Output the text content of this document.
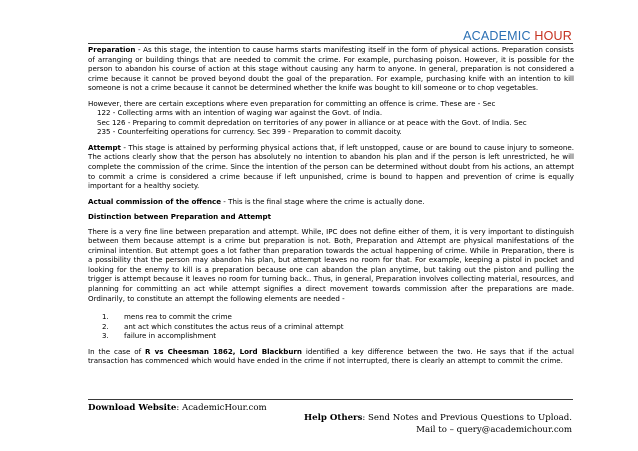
ACADEMIC HOUR

Preparation - As this stage, the intention to cause harms starts manifesting itself in the form of physical actions. Preparation consists of arranging or building things that are needed to commit the crime. For example, purchasing poison. However, it is possible for the person to abandon his course of action at this stage without causing any harm to anyone. In general, preparation is not considered a crime because it cannot be proved beyond doubt the goal of the preparation. For example, purchasing knife with an intention to kill someone is not a crime because it cannot be determined whether the knife was bought to kill someone or to chop vegetables.

However, there are certain exceptions where even preparation for committing an offence is crime. These are - Sec

122 - Collecting arms with an intention of waging war against the Govt. of India.
Sec 126 - Preparing to commit depredation on territories of any power in alliance or at peace with the Govt. of India. Sec
235 - Counterfeiting operations for currency. Sec 399 - Preparation to commit dacoity.

Attempt - This stage is attained by performing physical actions that, if left unstopped, cause or are bound to cause injury to someone. The actions clearly show that the person has absolutely no intention to abandon his plan and if the person is left unrestricted, he will complete the commission of the crime. Since the intention of the person can be determined without doubt from his actions, an attempt to commit a crime is considered a crime because if left unpunished, crime is bound to happen and prevention of crime is equally important for a healthy society.

Actual commission of the offence - This is the final stage where the crime is actually done.

Distinction between Preparation and Attempt

There is a very fine line between preparation and attempt. While, IPC does not define either of them, it is very important to distinguish between them because attempt is a crime but preparation is not. Both, Preparation and Attempt are physical manifestations of the criminal intention. But attempt goes a lot father than preparation towards the actual happening of crime. While in Preparation, there is a possibility that the person may abandon his plan, but attempt leaves no room for that. For example, keeping a pistol in pocket and looking for the enemy to kill is a preparation because one can abandon the plan anytime, but taking out the piston and pulling the trigger is attempt because it leaves no room for turning back.. Thus, in general, Preparation involves collecting material, resources, and planning for committing an act while attempt signifies a direct movement towards commission after the preparations are made. Ordinarily, to constitute an attempt the following elements are needed -

1.	mens rea to commit the crime
2.	ant act which constitutes the actus reus of a criminal attempt
3.	failure in accomplishment

In the case of R vs Cheesman 1862, Lord Blackburn identified a key difference between the two. He says that if the actual transaction has commenced which would have ended in the crime if not interrupted, there is clearly an attempt to commit the crime.

Download Website: AcademicHour.com
Help Others: Send Notes and Previous Questions to Upload.
Mail to – query@academichour.com
